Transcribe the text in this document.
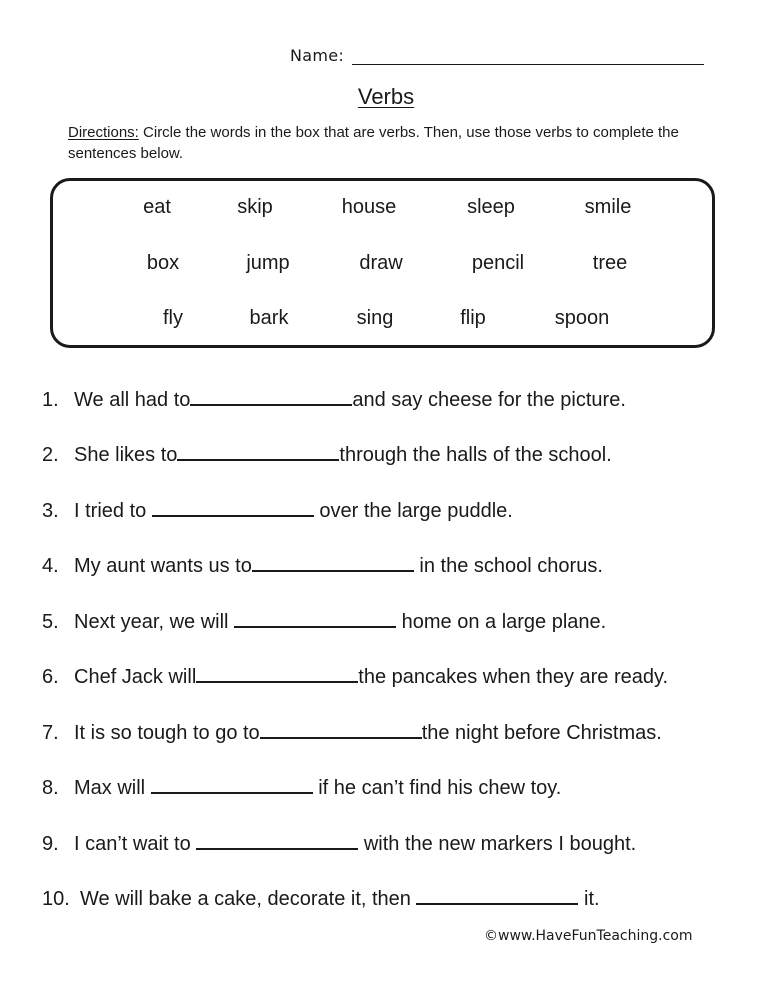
Name:
Verbs
Directions: Circle the words in the box that are verbs. Then, use those verbs to complete the sentences below.
eat	skip	house	sleep	smile
box	jump	draw	pencil	tree
fly	bark	sing	flip	spoon
1. We all had to	and say cheese for the picture.
2. She likes to	through the halls of the school.
3. I tried to	over the large puddle.
4. My aunt wants us to	in the school chorus.
5. Next year, we will	home on a large plane.
6. Chef Jack will	the pancakes when they are ready.
7. It is so tough to go to	the night before Christmas.
8. Max will	if he can’t find his chew toy.
9. I can’t wait to	with the new markers I bought.
10. We will bake a cake, decorate it, then	it.
©www.HaveFunTeaching.com
